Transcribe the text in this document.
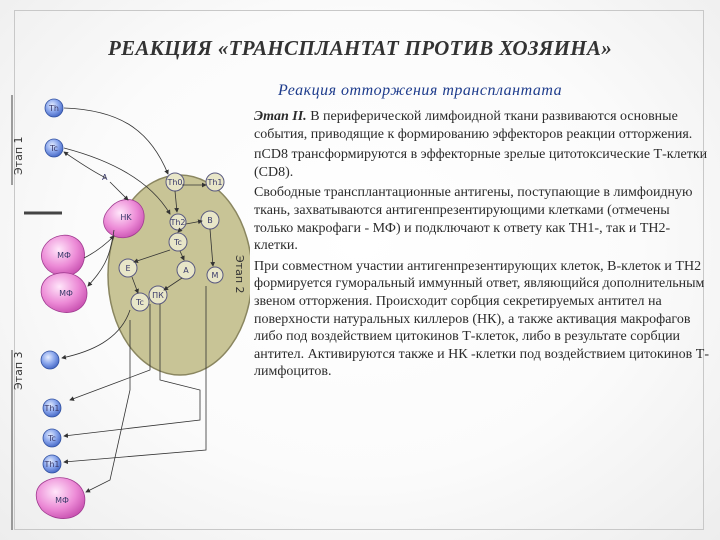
РЕАКЦИЯ «ТРАНСПЛАНТАТ ПРОТИВ ХОЗЯИНА»
Реакция отторжения трансплантата
Этап 1
Этап 3
Этап 2
Th0	Th1
Th2	B
Tc
A
E
ПК
M
Tc
Th
Tc
Th1
Tc
Th1
A
HK
МФ
МФ
МФ

Этап II. В периферической лимфоидной ткани развиваются основные события, приводящие к формированию эффекторов реакции отторжения.

пCD8 трансформируются в эффекторные зрелые цитотоксические Т-клетки (CD8).

Свободные трансплантационные антигены, поступающие в лимфоидную ткань, захватываются антигенпрезентирующими клетками (отмечены только макрофаги - МФ) и подключают к ответу как ТН1-, так и ТН2-клетки.

При совместном участии антигенпрезентирующих клеток, В-клеток и ТН2 формируется гуморальный иммунный ответ, являющийся дополнительным звеном отторжения. Происходит сорбция секретируемых антител на поверхности натуральных киллеров (НК), а также активация макрофагов либо под воздействием цитокинов Т-клеток, либо в результате сорбции антител. Активируются также и НК -клетки под воздействием цитокинов Т-лимфоцитов.
